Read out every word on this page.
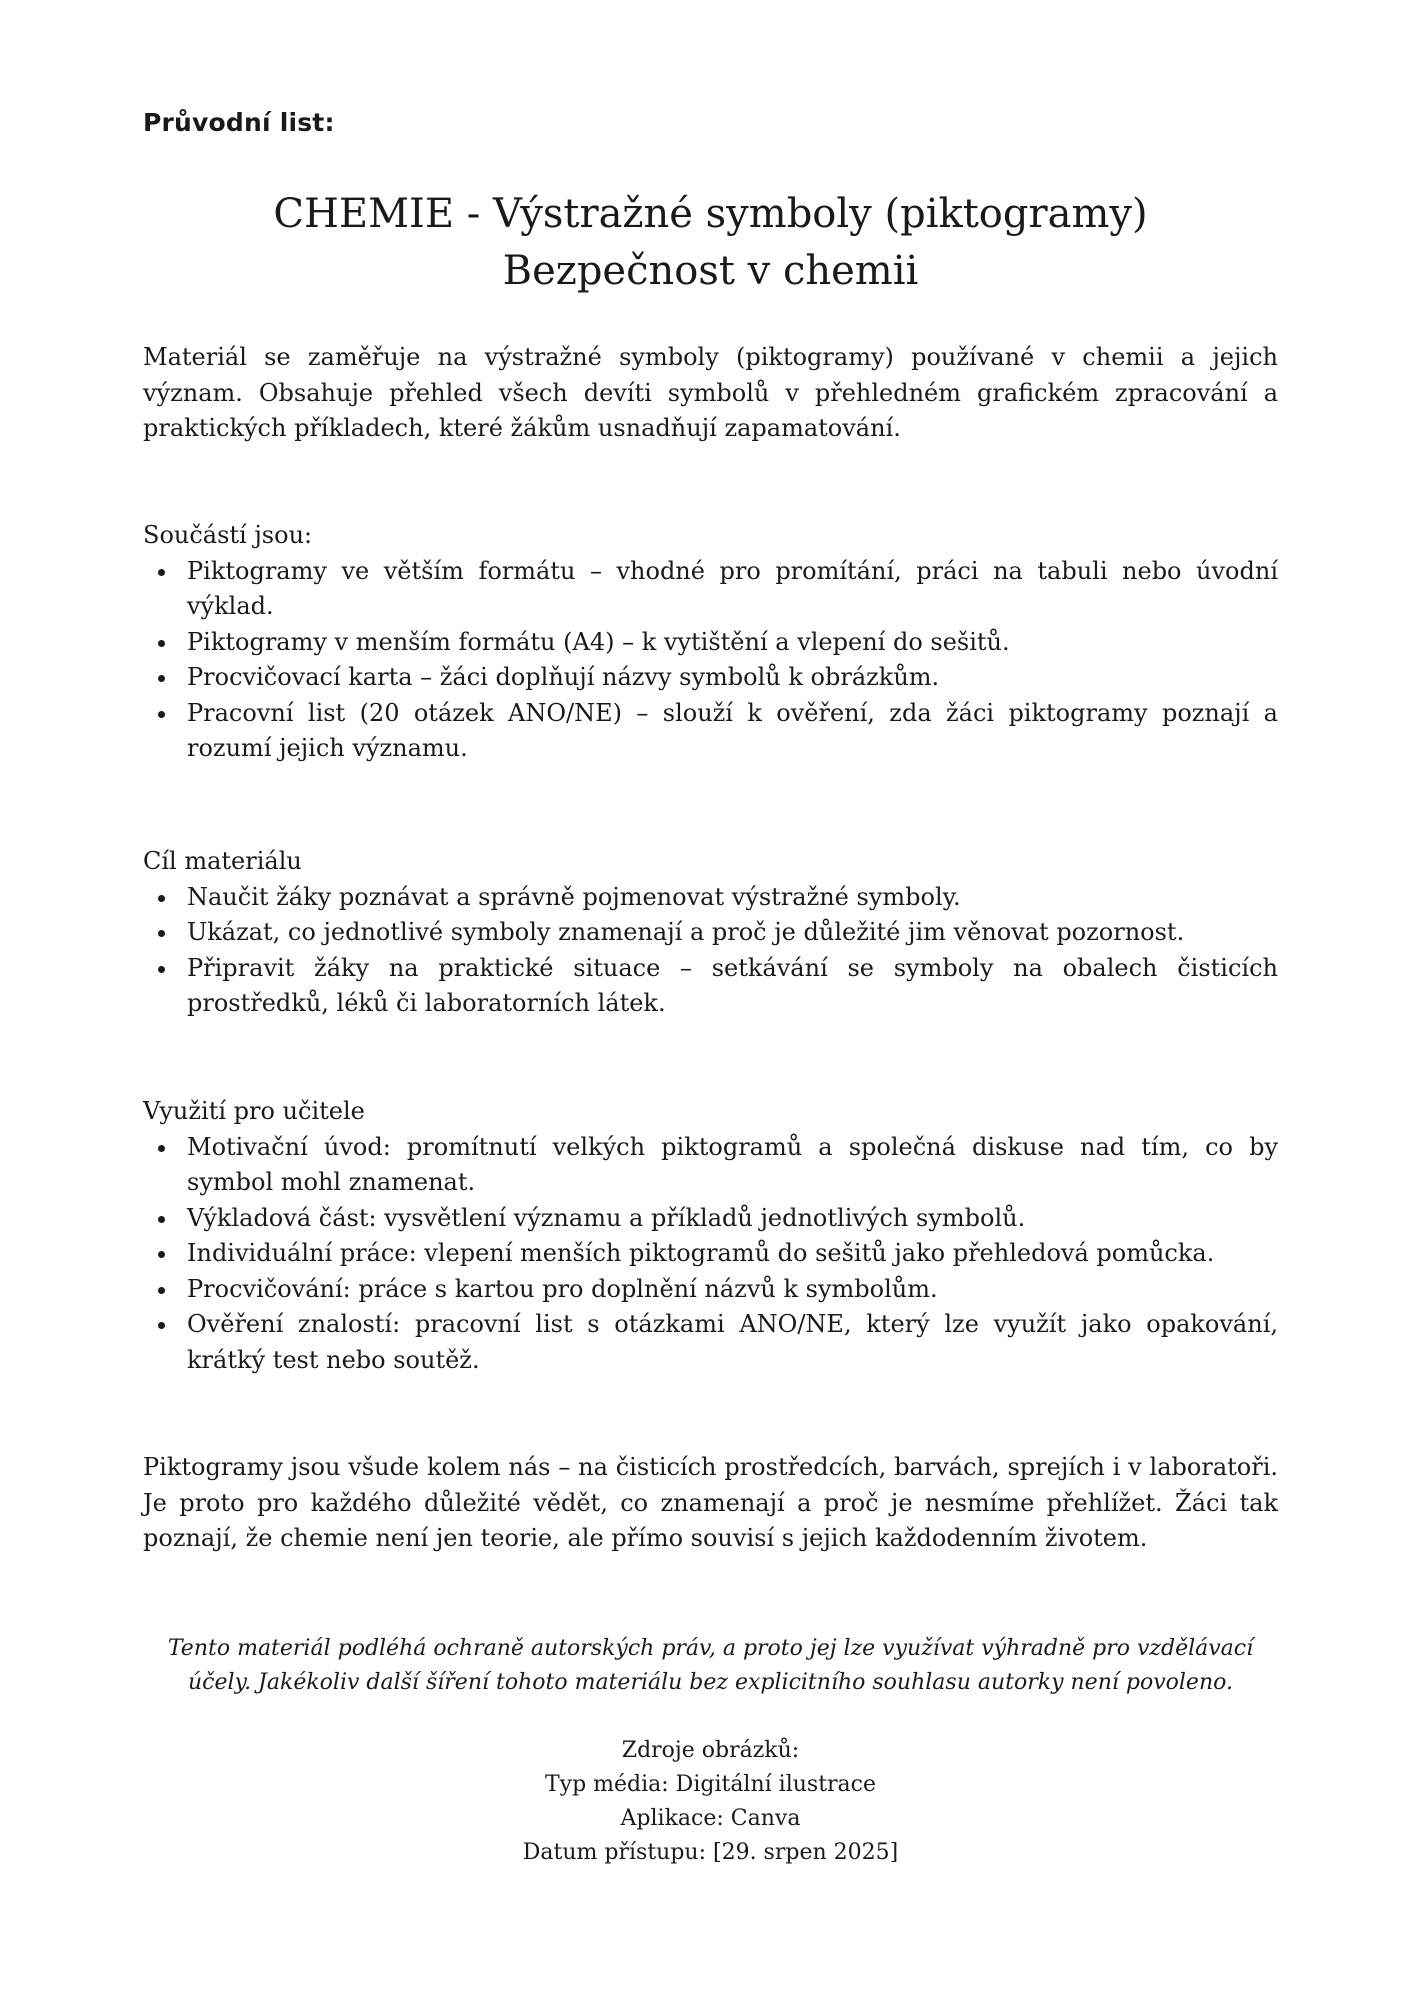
Průvodní list:
CHEMIE - Výstražné symboly (piktogramy)
Bezpečnost v chemii

Materiál se zaměřuje na výstražné symboly (piktogramy) používané v chemii a jejich význam. Obsahuje přehled všech devíti symbolů v přehledném grafickém zpracování a praktických příkladech, které žákům usnadňují zapamatování.

Součástí jsou:
Piktogramy ve větším formátu – vhodné pro promítání, práci na tabuli nebo úvodní výklad.
Piktogramy v menším formátu (A4) – k vytištění a vlepení do sešitů.
Procvičovací karta – žáci doplňují názvy symbolů k obrázkům.
Pracovní list (20 otázek ANO/NE) – slouží k ověření, zda žáci piktogramy poznají a rozumí jejich významu.
Cíl materiálu
Naučit žáky poznávat a správně pojmenovat výstražné symboly.
Ukázat, co jednotlivé symboly znamenají a proč je důležité jim věnovat pozornost.
Připravit žáky na praktické situace – setkávání se symboly na obalech čisticích prostředků, léků či laboratorních látek.
Využití pro učitele
Motivační úvod: promítnutí velkých piktogramů a společná diskuse nad tím, co by symbol mohl znamenat.
Výkladová část: vysvětlení významu a příkladů jednotlivých symbolů.
Individuální práce: vlepení menších piktogramů do sešitů jako přehledová pomůcka.
Procvičování: práce s kartou pro doplnění názvů k symbolům.
Ověření znalostí: pracovní list s otázkami ANO/NE, který lze využít jako opakování, krátký test nebo soutěž.

Piktogramy jsou všude kolem nás – na čisticích prostředcích, barvách, sprejích i v laboratoři. Je proto pro každého důležité vědět, co znamenají a proč je nesmíme přehlížet. Žáci tak poznají, že chemie není jen teorie, ale přímo souvisí s jejich každodenním životem.

Tento materiál podléhá ochraně autorských práv, a proto jej lze využívat výhradně pro vzdělávací účely. Jakékoliv další šíření tohoto materiálu bez explicitního souhlasu autorky není povoleno.

Zdroje obrázků:
Typ média: Digitální ilustrace
Aplikace: Canva
Datum přístupu: [29. srpen 2025]
